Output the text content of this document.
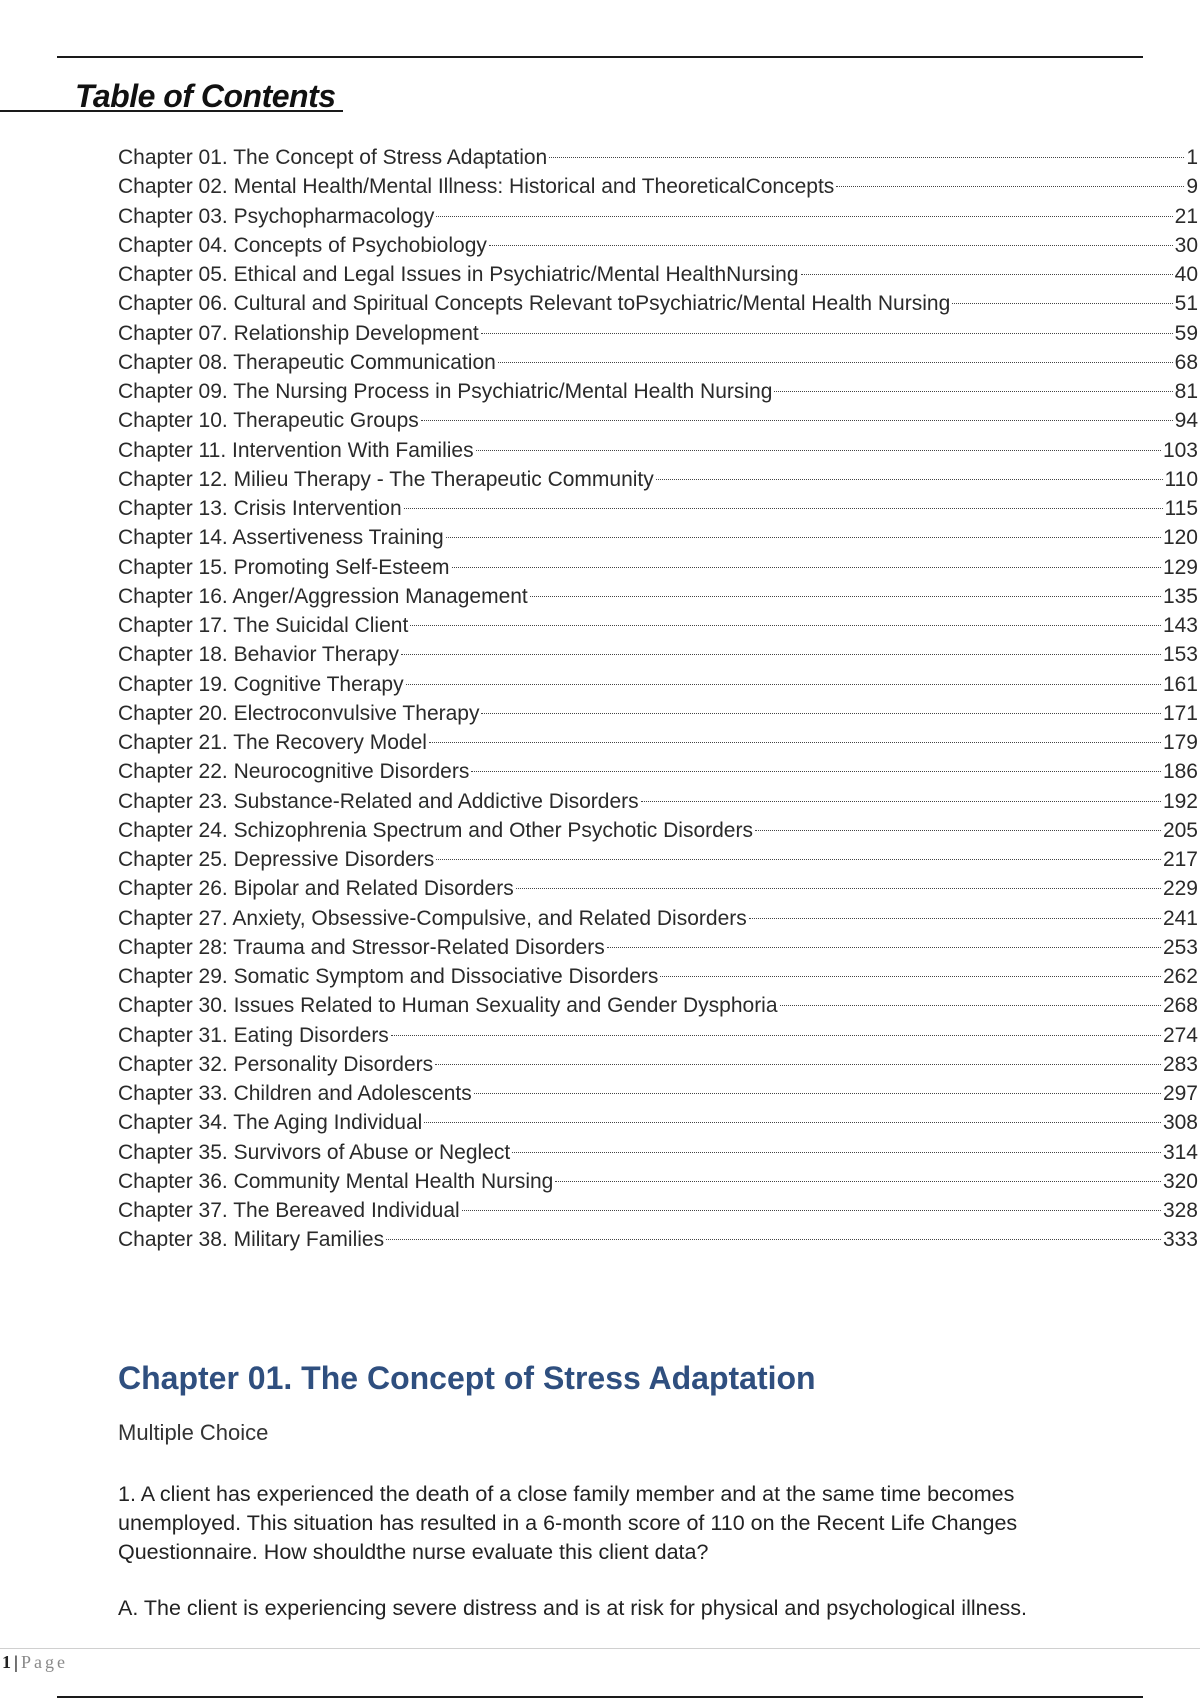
Table of Contents
Chapter 01. The Concept of Stress Adaptation	1
Chapter 02. Mental Health/Mental Illness: Historical and TheoreticalConcepts	9
Chapter 03. Psychopharmacology	21
Chapter 04. Concepts of Psychobiology	30
Chapter 05. Ethical and Legal Issues in Psychiatric/Mental HealthNursing	40
Chapter 06. Cultural and Spiritual Concepts Relevant toPsychiatric/Mental Health Nursing	51
Chapter 07. Relationship Development	59
Chapter 08. Therapeutic Communication	68
Chapter 09. The Nursing Process in Psychiatric/Mental Health Nursing	81
Chapter 10. Therapeutic Groups	94
Chapter 11. Intervention With Families	103
Chapter 12. Milieu Therapy - The Therapeutic Community	110
Chapter 13. Crisis Intervention	115
Chapter 14. Assertiveness Training	120
Chapter 15. Promoting Self-Esteem	129
Chapter 16. Anger/Aggression Management	135
Chapter 17. The Suicidal Client	143
Chapter 18. Behavior Therapy	153
Chapter 19. Cognitive Therapy	161
Chapter 20. Electroconvulsive Therapy	171
Chapter 21. The Recovery Model	179
Chapter 22. Neurocognitive Disorders	186
Chapter 23. Substance-Related and Addictive Disorders	192
Chapter 24. Schizophrenia Spectrum and Other Psychotic Disorders	205
Chapter 25. Depressive Disorders	217
Chapter 26. Bipolar and Related Disorders	229
Chapter 27. Anxiety, Obsessive-Compulsive, and Related Disorders	241
Chapter 28: Trauma and Stressor-Related Disorders	253
Chapter 29. Somatic Symptom and Dissociative Disorders	262
Chapter 30. Issues Related to Human Sexuality and Gender Dysphoria	268
Chapter 31. Eating Disorders	274
Chapter 32. Personality Disorders	283
Chapter 33. Children and Adolescents	297
Chapter 34. The Aging Individual	308
Chapter 35. Survivors of Abuse or Neglect	314
Chapter 36. Community Mental Health Nursing	320
Chapter 37. The Bereaved Individual	328
Chapter 38. Military Families	333
Chapter 01. The Concept of Stress Adaptation
Multiple Choice
1. A client has experienced the death of a close family member and at the same time becomes unemployed. This situation has resulted in a 6-month score of 110 on the Recent Life Changes Questionnaire. How shouldthe nurse evaluate this client data?
A. The client is experiencing severe distress and is at risk for physical and psychological illness.
1 | Page
